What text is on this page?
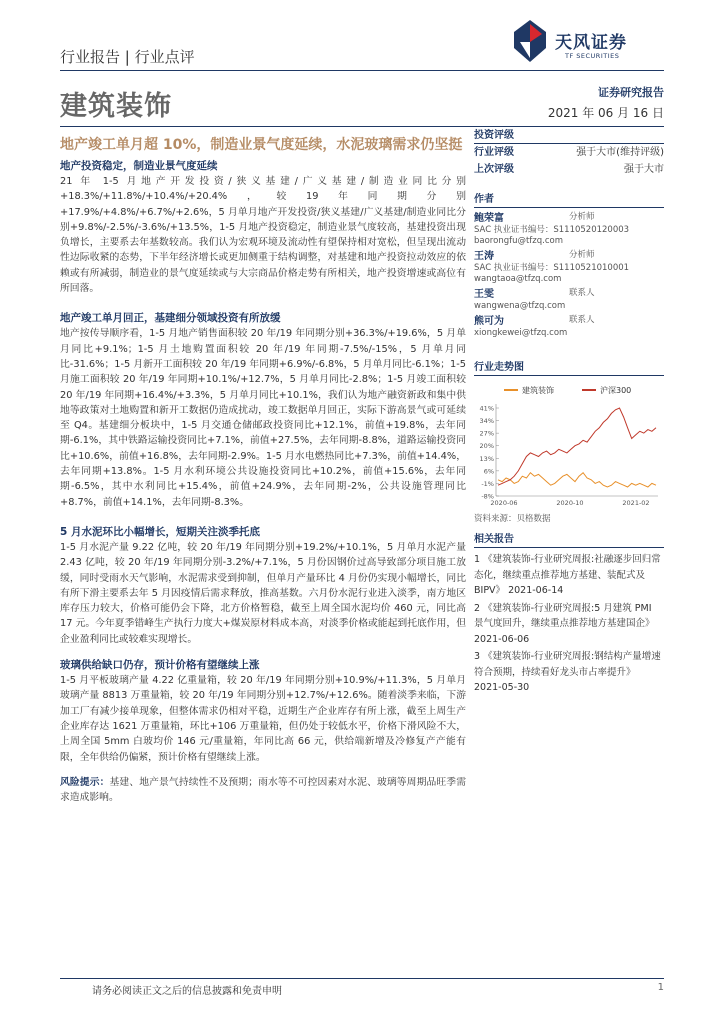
行业报告 | 行业点评
天风证券
TF SECURITIES
建筑装饰	证券研究报告
2021 年 06 月 16 日
地产竣工单月超 10%，制造业景气度延续，水泥玻璃需求仍坚挺
地产投资稳定，制造业景气度延续
21 年 1-5 月地产开发投资/狭义基建/广义基建/制造业同比分别+18.3%/+11.8%/+10.4%/+20.4%，较19年同期分别+17.9%/+4.8%/+6.7%/+2.6%，5 月单月地产开发投资/狭义基建/广义基建/制造业同比分别+9.8%/-2.5%/-3.6%/+13.5%，1-5 月地产投资稳定，制造业景气度较高，基建投资出现负增长，主要系去年基数较高。我们认为宏观环境及流动性有望保持相对宽松，但呈现出流动性边际收紧的态势，下半年经济增长或更加侧重于结构调整，对基建和地产投资拉动效应的依赖或有所减弱，制造业的景气度延续或与大宗商品价格走势有所相关，地产投资增速或高位有所回落。
地产竣工单月回正，基建细分领域投资有所放缓
地产按传导顺序看，1-5 月地产销售面积较 20 年/19 年同期分别+36.3%/+19.6%，5 月单月同比+9.1%；1-5 月土地购置面积较 20 年/19 年同期-7.5%/-15%，5 月单月同比-31.6%；1-5 月新开工面积较 20 年/19 年同期+6.9%/-6.8%，5 月单月同比-6.1%；1-5 月施工面积较 20 年/19 年同期+10.1%/+12.7%，5 月单月同比-2.8%；1-5 月竣工面积较 20 年/19 年同期+16.4%/+3.3%，5 月单月同比+10.1%，我们认为地产融资新政和集中供地等政策对土地购置和新开工数据仍造成扰动，竣工数据单月回正，实际下游高景气或可延续至 Q4。基建细分板块中，1-5 月交通仓储邮政投资同比+12.1%，前值+19.8%，去年同期-6.1%，其中铁路运输投资同比+7.1%，前值+27.5%，去年同期-8.8%，道路运输投资同比+10.6%，前值+16.8%，去年同期-2.9%。1-5 月水电燃热同比+7.3%，前值+14.4%，去年同期+13.8%。1-5 月水利环境公共设施投资同比+10.2%，前值+15.6%，去年同期-6.5%，其中水利同比+15.4%，前值+24.9%，去年同期-2%，公共设施管理同比+8.7%，前值+14.1%，去年同期-8.3%。
5 月水泥环比小幅增长，短期关注淡季托底
1-5 月水泥产量 9.22 亿吨，较 20 年/19 年同期分别+19.2%/+10.1%，5 月单月水泥产量 2.43 亿吨，较 20 年/19 年同期分别-3.2%/+7.1%，5 月份因钢价过高导致部分项目施工放缓，同时受雨水天气影响，水泥需求受到抑制，但单月产量环比 4 月份仍实现小幅增长，同比有所下滑主要系去年 5 月因疫情后需求释放，推高基数。六月份水泥行业进入淡季，南方地区库存压力较大，价格可能仍会下降，北方价格暂稳，截至上周全国水泥均价 460 元，同比高 17 元。今年夏季错峰生产执行力度大+煤炭原材料成本高，对淡季价格或能起到托底作用，但企业盈利同比或较难实现增长。
玻璃供给缺口仍存，预计价格有望继续上涨
1-5 月平板玻璃产量 4.22 亿重量箱，较 20 年/19 年同期分别+10.9%/+11.3%，5 月单月玻璃产量 8813 万重量箱，较 20 年/19 年同期分别+12.7%/+12.6%。随着淡季来临，下游加工厂有减少接单现象，但整体需求仍相对平稳，近期生产企业库存有所上涨，截至上周生产企业库存达 1621 万重量箱，环比+106 万重量箱，但仍处于较低水平，价格下滑风险不大，上周全国 5mm 白玻均价 146 元/重量箱，年同比高 66 元，供给端新增及冷修复产产能有限，全年供给仍偏紧，预计价格有望继续上涨。
风险提示：基建、地产景气持续性不及预期；雨水等不可控因素对水泥、玻璃等周期品旺季需求造成影响。
投资评级
行业评级	强于大市(维持评级)
上次评级	强于大市
作者
鲍荣富	分析师
SAC 执业证书编号：S1110520120003
baorongfu@tfzq.com
王涛	分析师
SAC 执业证书编号：S1110521010001
wangtaoa@tfzq.com
王雯	联系人
wangwena@tfzq.com
熊可为	联系人
xiongkewei@tfzq.com
行业走势图
建筑装饰	沪深300
41%
34%
27%
20%
13%
6%
-1%
-8%
2020-06	2020-10	2021-02
资料来源：贝格数据
相关报告
1 《建筑装饰-行业研究周报:社融逐步回归常态化，继续重点推荐地方基建、装配式及 BIPV》 2021-06-14
2 《建筑装饰-行业研究周报:5 月建筑 PMI 景气度回升，继续重点推荐地方基建国企》 2021-06-06
3 《建筑装饰-行业研究周报:钢结构产量增速符合预期，持续看好龙头市占率提升》 2021-05-30
请务必阅读正文之后的信息披露和免责申明	1
